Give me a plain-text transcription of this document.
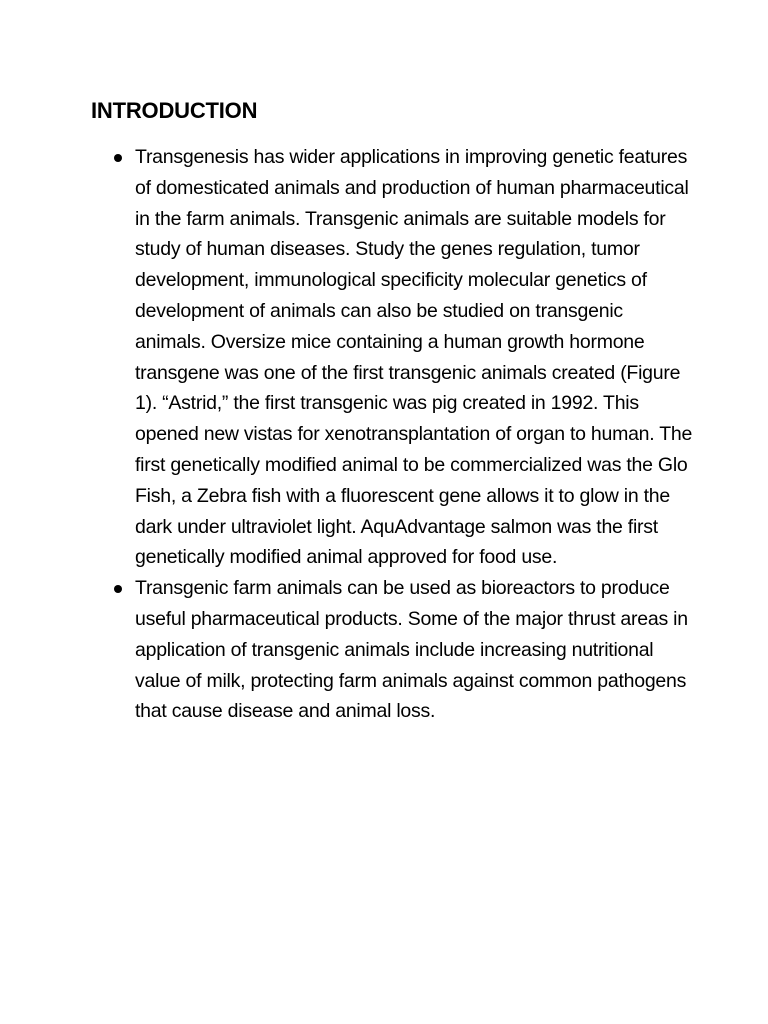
INTRODUCTION
Transgenesis has wider applications in improving genetic features of domesticated animals and production of human pharmaceutical in the farm animals. Transgenic animals are suitable models for study of human diseases. Study the genes regulation, tumor development, immunological specificity molecular genetics of development of animals can also be studied on transgenic animals. Oversize mice containing a human growth hormone transgene was one of the first transgenic animals created (Figure 1). “Astrid,” the first transgenic was pig created in 1992. This opened new vistas for xenotransplantation of organ to human. The first genetically modified animal to be commercialized was the Glo Fish, a Zebra fish with a fluorescent gene allows it to glow in the dark under ultraviolet light. AquAdvantage salmon was the first genetically modified animal approved for food use.
Transgenic farm animals can be used as bioreactors to produce useful pharmaceutical products. Some of the major thrust areas in application of transgenic animals include increasing nutritional value of milk, protecting farm animals against common pathogens that cause disease and animal loss.
